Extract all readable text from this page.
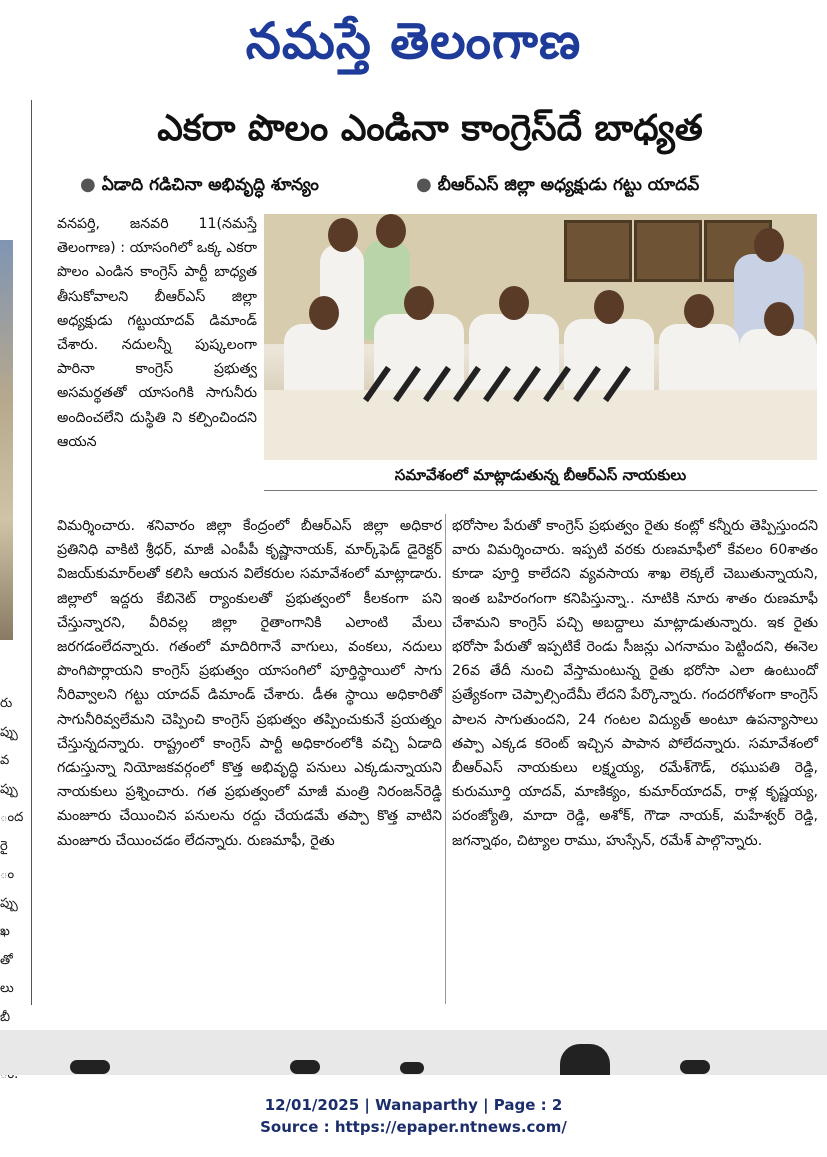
నమస్తే తెలంగాణ
రు
ప్పు
వ
ప్పు
ంద
రై
ం
ప్పు
ఖ
తో
లు
బీ
ఎకరా పొలం ఎండినా కాంగ్రెస్‌దే బాధ్యత
● ఏడాది గడిచినా అభివృద్ధి శూన్యం	● బీఆర్‌ఎస్ జిల్లా అధ్యక్షుడు గట్టు యాదవ్
సమావేశంలో మాట్లాడుతున్న బీఆర్‌ఎస్ నాయకులు

వనపర్తి, జనవరి 11(నమస్తే తెలంగాణ) : యాసంగిలో ఒక్క ఎకరా పొలం ఎండిన కాంగ్రెస్ పార్టీ బాధ్యత తీసుకోవాలని బీఆర్‌ఎస్ జిల్లా అధ్యక్షుడు గట్టుయాదవ్ డిమాండ్ చేశారు. నదులన్నీ పుష్కలంగా పారినా కాంగ్రెస్ ప్రభుత్వ అసమర్థతతో యాసంగికి సాగునీరు అందించలేని దుస్థితి ని కల్పించిందని ఆయన

విమర్శించారు. శనివారం జిల్లా కేంద్రంలో బీఆర్‌ఎస్ జిల్లా అధికార ప్రతినిధి వాకిటి శ్రీధర్, మాజీ ఎంపీపీ కృష్ణానాయక్, మార్క్‌ఫెడ్ డైరెక్టర్ విజయ్‌కుమార్‌లతో కలిసి ఆయన విలేకరుల సమావేశంలో మాట్లాడారు. జిల్లాలో ఇద్దరు కేబినెట్ ర్యాంకులతో ప్రభుత్వంలో కీలకంగా పని చేస్తున్నారని, వీరివల్ల జిల్లా రైతాంగానికి ఎలాంటి మేలు జరగడంలేదన్నారు. గతంలో మాదిరిగానే వాగులు, వంకలు, నదులు పొంగిపొర్లాయని కాంగ్రెస్ ప్రభుత్వం యాసంగిలో పూర్తిస్థాయిలో సాగు నీరివ్వాలని గట్టు యాదవ్ డిమాండ్ చేశారు. డీఈ స్థాయి అధికారితో సాగునీరివ్వలేమని చెప్పించి కాంగ్రెస్ ప్రభుత్వం తప్పించుకునే ప్రయత్నం చేస్తున్నదన్నారు. రాష్ట్రంలో కాంగ్రెస్ పార్టీ అధికారంలోకి వచ్చి ఏడాది గడుస్తున్నా నియోజకవర్గంలో కొత్త అభివృద్ధి పనులు ఎక్కడున్నాయని నాయకులు ప్రశ్నించారు. గత ప్రభుత్వంలో మాజీ మంత్రి నిరంజన్‌రెడ్డి మంజూరు చేయించిన పనులను రద్దు చేయడమే తప్పా కొత్త వాటిని మంజూరు చేయించడం లేదన్నారు. రుణమాఫీ, రైతు

భరోసాల పేరుతో కాంగ్రెస్ ప్రభుత్వం రైతు కంట్లో కన్నీరు తెప్పిస్తుందని వారు విమర్శించారు. ఇప్పటి వరకు రుణమాఫీలో కేవలం 60శాతం కూడా పూర్తి కాలేదని వ్యవసాయ శాఖ లెక్కలే చెబుతున్నాయని, ఇంత బహిరంగంగా కనిపిస్తున్నా.. నూటికి నూరు శాతం రుణమాఫీ చేశామని కాంగ్రెస్ పచ్చి అబద్దాలు మాట్లాడుతున్నారు. ఇక రైతు భరోసా పేరుతో ఇప్పటికే రెండు సీజన్లు ఎగనామం పెట్టిందని, ఈనెల 26వ తేదీ నుంచి వేస్తామంటున్న రైతు భరోసా ఎలా ఉంటుందో ప్రత్యేకంగా చెప్పాల్సిందేమీ లేదని పేర్కొన్నారు. గందరగోళంగా కాంగ్రెస్ పాలన సాగుతుందని, 24 గంటల విద్యుత్ అంటూ ఉపన్యాసాలు తప్పా ఎక్కడ కరెంట్ ఇచ్చిన పాపాన పోలేదన్నారు. సమావేశంలో బీఆర్‌ఎస్ నాయకులు లక్ష్మయ్య, రమేశ్‌గౌడ్, రఘుపతి రెడ్డి, కురుమూర్తి యాదవ్, మాణిక్యం, కుమార్‌యాదవ్, రాళ్ల కృష్ణయ్య, పరంజ్యోతి, మాదా రెడ్డి, అశోక్, గౌడా నాయక్, మహేశ్వర్ రెడ్డి, జగన్నాథం, చిట్యాల రాము, హుస్సేన్, రమేశ్ పాల్గొన్నారు.

12/01/2025 | Wanaparthy | Page : 2
Source : https://epaper.ntnews.com/
